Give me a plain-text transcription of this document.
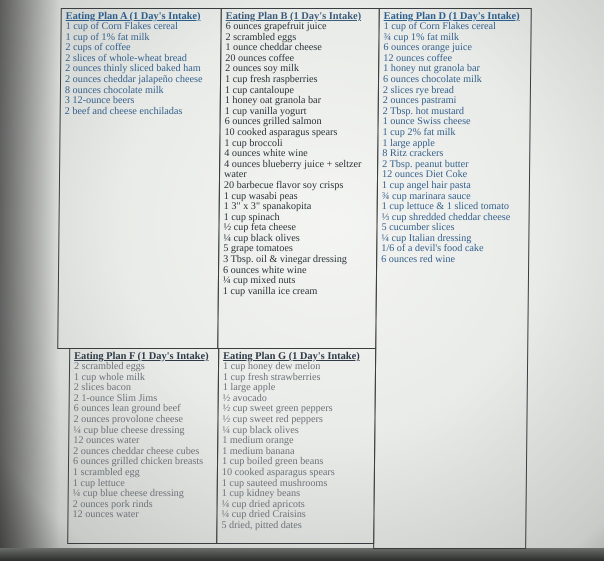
Eating Plan A (1 Day's Intake)
1 cup of Corn Flakes cereal
1 cup of 1% fat milk
2 cups of coffee
2 slices of whole-wheat bread
2 ounces thinly sliced baked ham
2 ounces cheddar jalapeño cheese
8 ounces chocolate milk
3 12-ounce beers
2 beef and cheese enchiladas
Eating Plan B (1 Day's Intake)
6 ounces grapefruit juice
2 scrambled eggs
1 ounce cheddar cheese
20 ounces coffee
2 ounces soy milk
1 cup fresh raspberries
1 cup cantaloupe
1 honey oat granola bar
1 cup vanilla yogurt
6 ounces grilled salmon
10 cooked asparagus spears
1 cup broccoli
4 ounces white wine
4 ounces blueberry juice + seltzer water
20 barbecue flavor soy crisps
1 cup wasabi peas
1 3" x 3" spanakopita
1 cup spinach
½ cup feta cheese
¼ cup black olives
5 grape tomatoes
3 Tbsp. oil & vinegar dressing
6 ounces white wine
¼ cup mixed nuts
1 cup vanilla ice cream
Eating Plan D (1 Day's Intake)
1 cup of Corn Flakes cereal
¾ cup 1% fat milk
6 ounces orange juice
12 ounces coffee
1 honey nut granola bar
6 ounces chocolate milk
2 slices rye bread
2 ounces pastrami
2 Tbsp. hot mustard
1 ounce Swiss cheese
1 cup 2% fat milk
1 large apple
8 Ritz crackers
2 Tbsp. peanut butter
12 ounces Diet Coke
1 cup angel hair pasta
¾ cup marinara sauce
1 cup lettuce & 1 sliced tomato
⅓ cup shredded cheddar cheese
5 cucumber slices
¼ cup Italian dressing
1/6 of a devil's food cake
6 ounces red wine
Eating Plan F (1 Day's Intake)
2 scrambled eggs
1 cup whole milk
2 slices bacon
2 1-ounce Slim Jims
6 ounces lean ground beef
2 ounces provolone cheese
¼ cup blue cheese dressing
12 ounces water
2 ounces cheddar cheese cubes
6 ounces grilled chicken breasts
1 scrambled egg
1 cup lettuce
¼ cup blue cheese dressing
2 ounces pork rinds
12 ounces water
Eating Plan G (1 Day's Intake)
1 cup honey dew melon
1 cup fresh strawberries
1 large apple
½ avocado
½ cup sweet green peppers
½ cup sweet red peppers
¼ cup black olives
1 medium orange
1 medium banana
1 cup boiled green beans
10 cooked asparagus spears
1 cup sauteed mushrooms
1 cup kidney beans
¼ cup dried apricots
¼ cup dried Craisins
5 dried, pitted dates
